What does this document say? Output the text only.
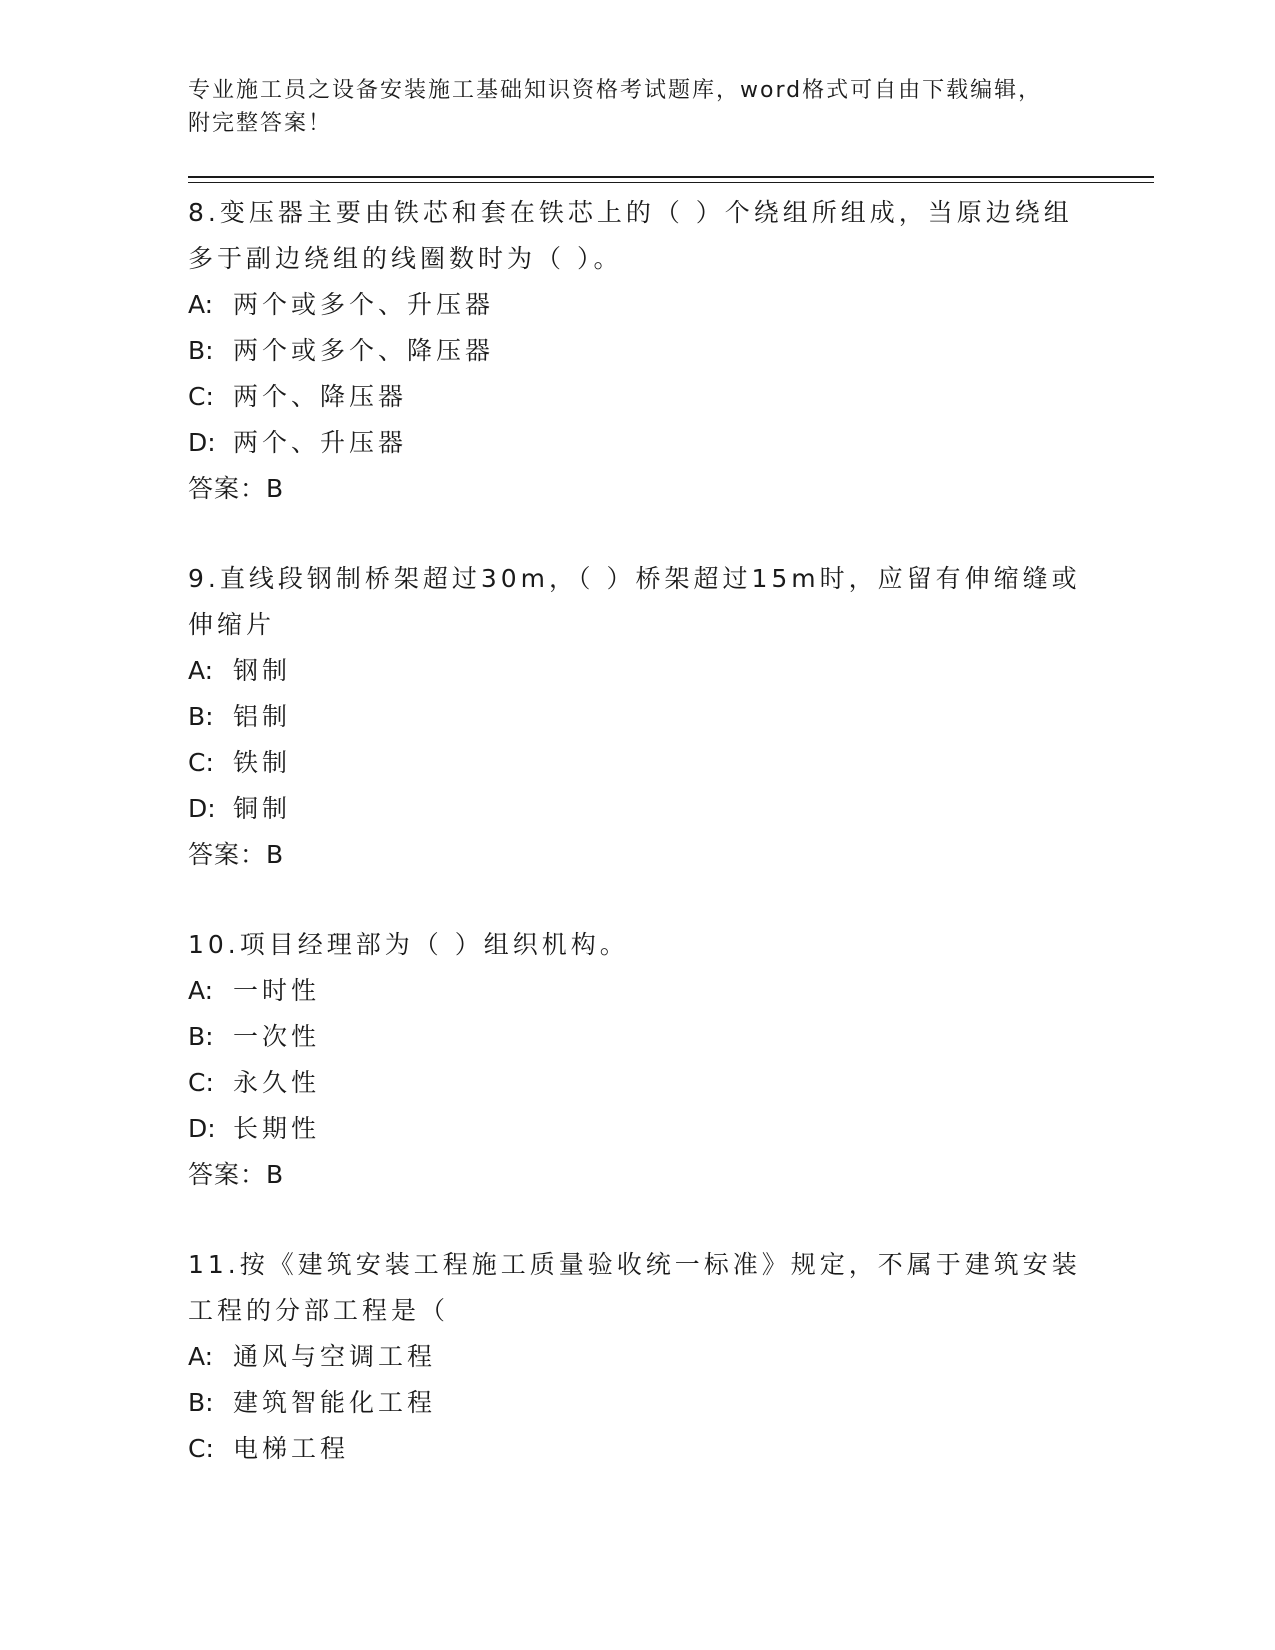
专业施工员之设备安装施工基础知识资格考试题库，word格式可自由下载编辑，
附完整答案！
8.变压器主要由铁芯和套在铁芯上的（ ）个绕组所组成，当原边绕组多于副边绕组的线圈数时为（ ）。
A: 两个或多个、升压器
B: 两个或多个、降压器
C: 两个、降压器
D: 两个、升压器
答案：B
9.直线段钢制桥架超过30m，（ ）桥架超过15m时，应留有伸缩缝或伸缩片
A: 钢制
B: 铝制
C: 铁制
D: 铜制
答案：B
10.项目经理部为（ ）组织机构。
A: 一时性
B: 一次性
C: 永久性
D: 长期性
答案：B
11.按《建筑安装工程施工质量验收统一标准》规定，不属于建筑安装工程的分部工程是（
A: 通风与空调工程
B: 建筑智能化工程
C: 电梯工程
